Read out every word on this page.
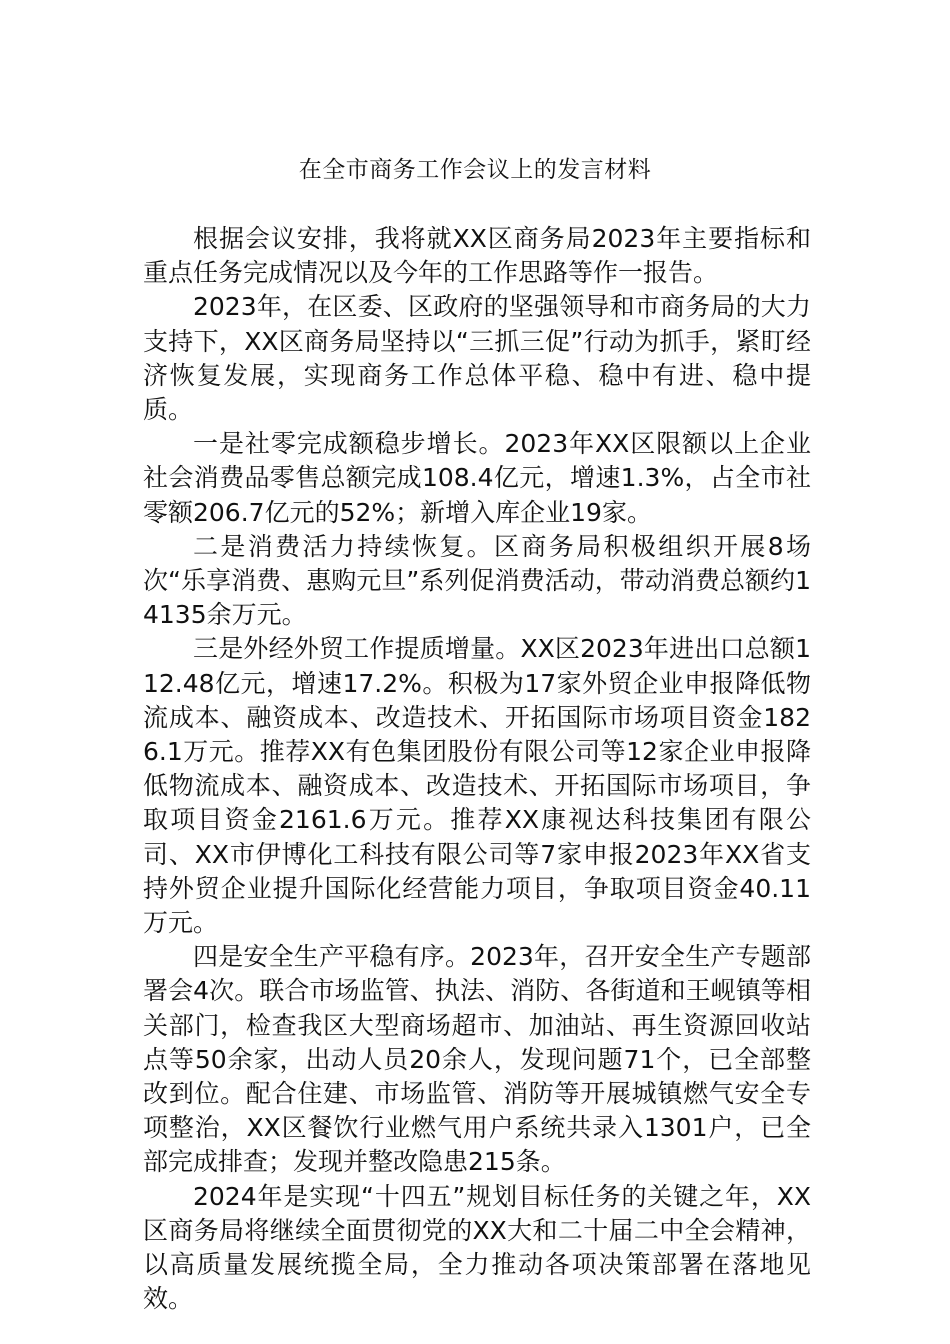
在全市商务工作会议上的发言材料

根据会议安排，我将就XX区商务局2023年主要指标和重点任务完成情况以及今年的工作思路等作一报告。

2023年，在区委、区政府的坚强领导和市商务局的大力支持下，XX区商务局坚持以“三抓三促”行动为抓手，紧盯经济恢复发展，实现商务工作总体平稳、稳中有进、稳中提质。

一是社零完成额稳步增长。2023年XX区限额以上企业社会消费品零售总额完成108.4亿元，增速1.3%，占全市社零额206.7亿元的52%；新增入库企业19家。

二是消费活力持续恢复。区商务局积极组织开展8场次“乐享消费、惠购元旦”系列促消费活动，带动消费总额约14135余万元。

三是外经外贸工作提质增量。XX区2023年进出口总额112.48亿元，增速17.2%。积极为17家外贸企业申报降低物流成本、融资成本、改造技术、开拓国际市场项目资金1826.1万元。推荐XX有色集团股份有限公司等12家企业申报降低物流成本、融资成本、改造技术、开拓国际市场项目，争取项目资金2161.6万元。推荐XX康视达科技集团有限公司、XX市伊博化工科技有限公司等7家申报2023年XX省支持外贸企业提升国际化经营能力项目，争取项目资金40.11万元。

四是安全生产平稳有序。2023年，召开安全生产专题部署会4次。联合市场监管、执法、消防、各街道和王岘镇等相关部门，检查我区大型商场超市、加油站、再生资源回收站点等50余家，出动人员20余人，发现问题71个，已全部整改到位。配合住建、市场监管、消防等开展城镇燃气安全专项整治，XX区餐饮行业燃气用户系统共录入1301户，已全部完成排查；发现并整改隐患215条。

2024年是实现“十四五”规划目标任务的关键之年，XX区商务局将继续全面贯彻党的XX大和二十届二中全会精神，以高质量发展统揽全局，全力推动各项决策部署在落地见效。
